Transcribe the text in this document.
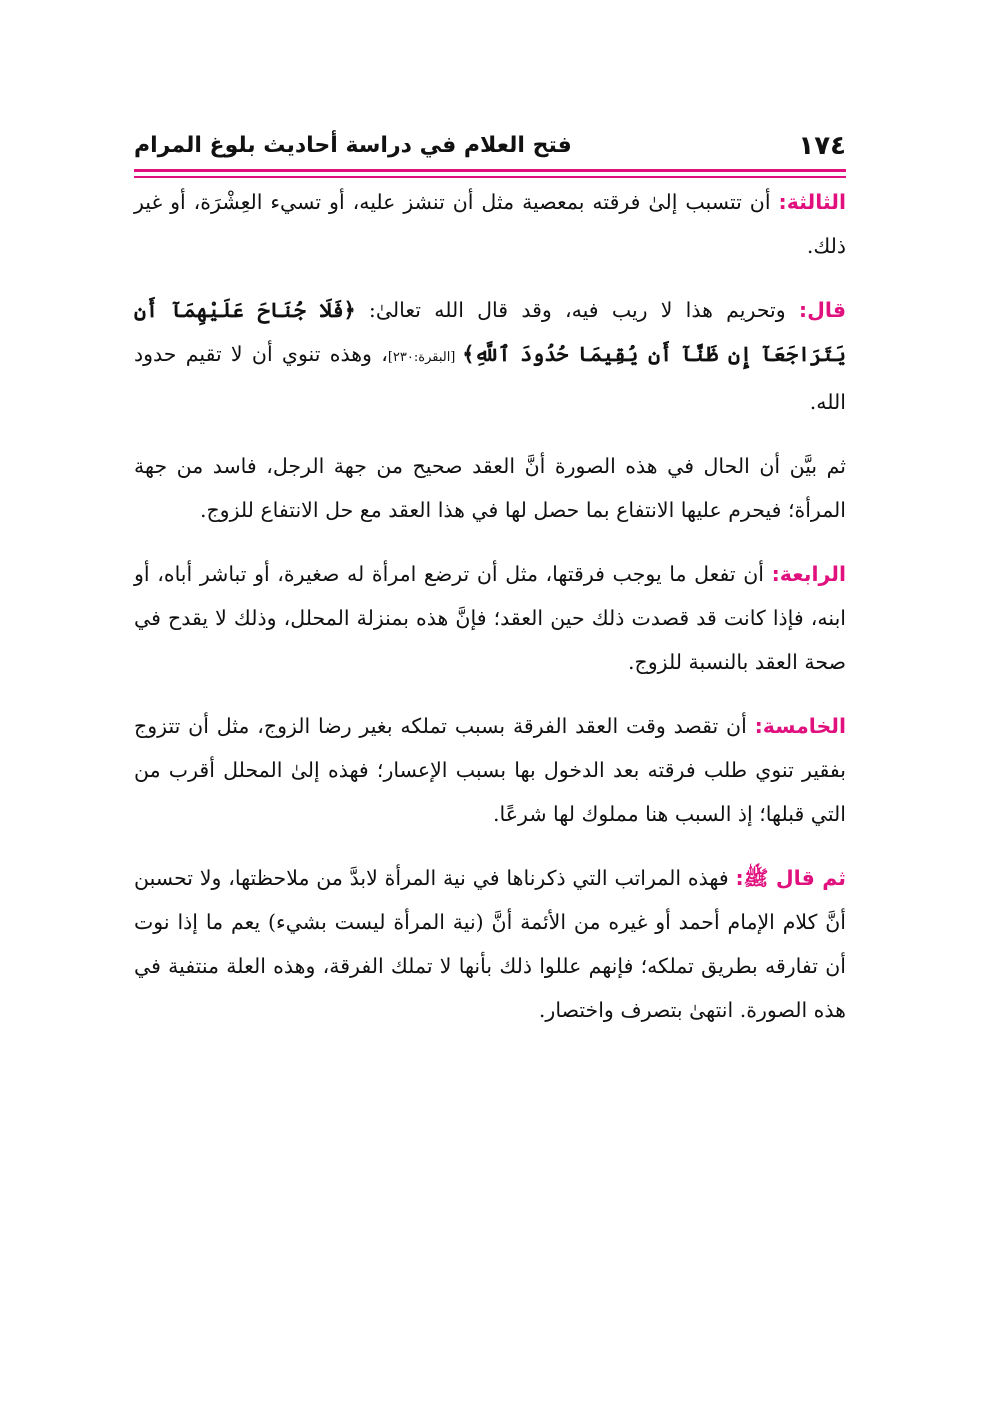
١٧٤
فتح العلام في دراسة أحاديث بلوغ المرام

الثالثة: أن تتسبب إلىٰ فرقته بمعصية مثل أن تنشز عليه، أو تسيء العِشْرَة، أو غير ذلك.

قال: وتحريم هذا لا ريب فيه، وقد قال الله تعالىٰ: ﴿فَلَا جُنَاحَ عَلَيْهِمَآ أَن يَتَرَاجَعَآ إِن ظَنَّآ أَن يُقِيمَا حُدُودَ ٱللَّهِ﴾ [البقرة:٢٣٠]، وهذه تنوي أن لا تقيم حدود الله.

ثم بيَّن أن الحال في هذه الصورة أنَّ العقد صحيح من جهة الرجل، فاسد من جهة المرأة؛ فيحرم عليها الانتفاع بما حصل لها في هذا العقد مع حل الانتفاع للزوج.

الرابعة: أن تفعل ما يوجب فرقتها، مثل أن ترضع امرأة له صغيرة، أو تباشر أباه، أو ابنه، فإذا كانت قد قصدت ذلك حين العقد؛ فإنَّ هذه بمنزلة المحلل، وذلك لا يقدح في صحة العقد بالنسبة للزوج.

الخامسة: أن تقصد وقت العقد الفرقة بسبب تملكه بغير رضا الزوج، مثل أن تتزوج بفقير تنوي طلب فرقته بعد الدخول بها بسبب الإعسار؛ فهذه إلىٰ المحلل أقرب من التي قبلها؛ إذ السبب هنا مملوك لها شرعًا.

ثم قال ﷺ: فهذه المراتب التي ذكرناها في نية المرأة لابدَّ من ملاحظتها، ولا تحسبن أنَّ كلام الإمام أحمد أو غيره من الأئمة أنَّ (نية المرأة ليست بشيء) يعم ما إذا نوت أن تفارقه بطريق تملكه؛ فإنهم عللوا ذلك بأنها لا تملك الفرقة، وهذه العلة منتفية في هذه الصورة. انتهىٰ بتصرف واختصار.
